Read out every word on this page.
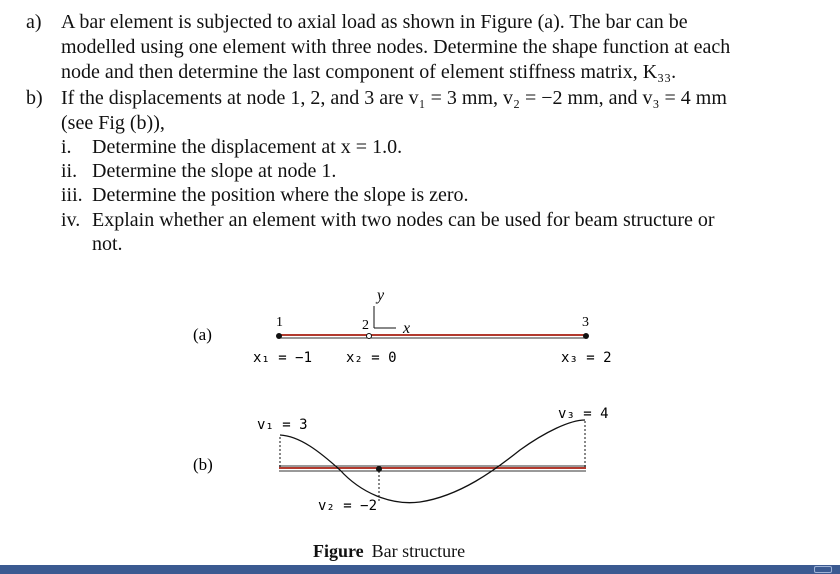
a) A bar element is subjected to axial load as shown in Figure (a). The bar can be
modelled using one element with three nodes. Determine the shape function at each
node and then determine the last component of element stiffness matrix, K₃₃.
b) If the displacements at node 1, 2, and 3 are v₁ = 3 mm, v₂ = −2 mm, and v₃ = 4 mm
(see Fig (b)),
i. Determine the displacement at x = 1.0.
ii. Determine the slope at node 1.
iii. Determine the position where the slope is zero.
iv. Explain whether an element with two nodes can be used for beam structure or
not.
(a)
1	2	3
y
x
x₁ = −1 x₂ = 0	x₃ = 2
(b)
v₁ = 3
v₂ = −2
v₃ = 4
Figure Bar structure
